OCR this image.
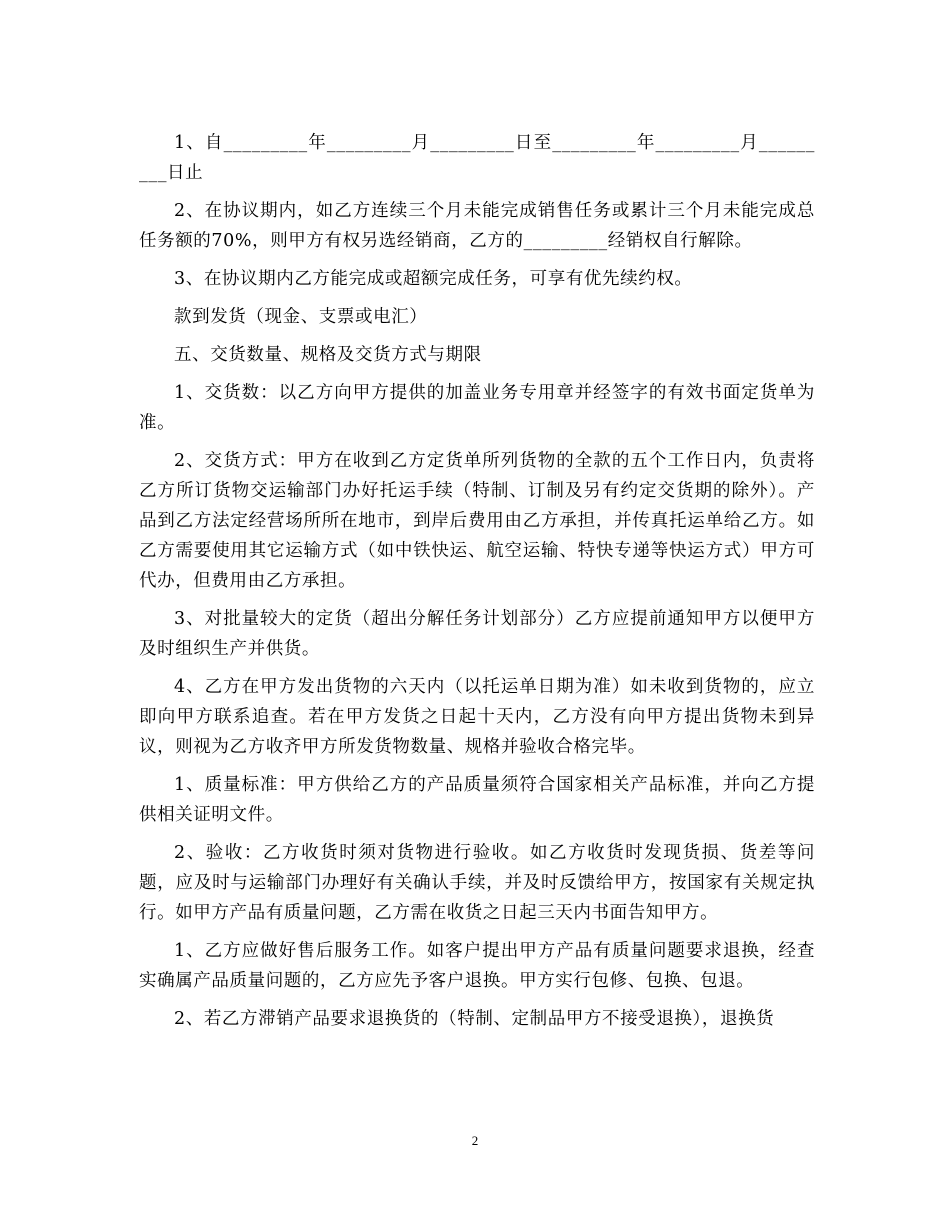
1、自_________年_________月_________日至_________年_________月_________日止

2、在协议期内，如乙方连续三个月未能完成销售任务或累计三个月未能完成总任务额的70%，则甲方有权另选经销商，乙方的_________经销权自行解除。

3、在协议期内乙方能完成或超额完成任务，可享有优先续约权。

款到发货（现金、支票或电汇）

五、交货数量、规格及交货方式与期限

1、交货数：以乙方向甲方提供的加盖业务专用章并经签字的有效书面定货单为准。

2、交货方式：甲方在收到乙方定货单所列货物的全款的五个工作日内，负责将乙方所订货物交运输部门办好托运手续（特制、订制及另有约定交货期的除外）。产品到乙方法定经营场所所在地市，到岸后费用由乙方承担，并传真托运单给乙方。如乙方需要使用其它运输方式（如中铁快运、航空运输、特快专递等快运方式）甲方可代办，但费用由乙方承担。

3、对批量较大的定货（超出分解任务计划部分）乙方应提前通知甲方以便甲方及时组织生产并供货。

4、乙方在甲方发出货物的六天内（以托运单日期为准）如未收到货物的，应立即向甲方联系追查。若在甲方发货之日起十天内，乙方没有向甲方提出货物未到异议，则视为乙方收齐甲方所发货物数量、规格并验收合格完毕。

1、质量标准：甲方供给乙方的产品质量须符合国家相关产品标准，并向乙方提供相关证明文件。

2、验收：乙方收货时须对货物进行验收。如乙方收货时发现货损、货差等问题，应及时与运输部门办理好有关确认手续，并及时反馈给甲方，按国家有关规定执行。如甲方产品有质量问题，乙方需在收货之日起三天内书面告知甲方。

1、乙方应做好售后服务工作。如客户提出甲方产品有质量问题要求退换，经查实确属产品质量问题的，乙方应先予客户退换。甲方实行包修、包换、包退。

2、若乙方滞销产品要求退换货的（特制、定制品甲方不接受退换），退换货

2
